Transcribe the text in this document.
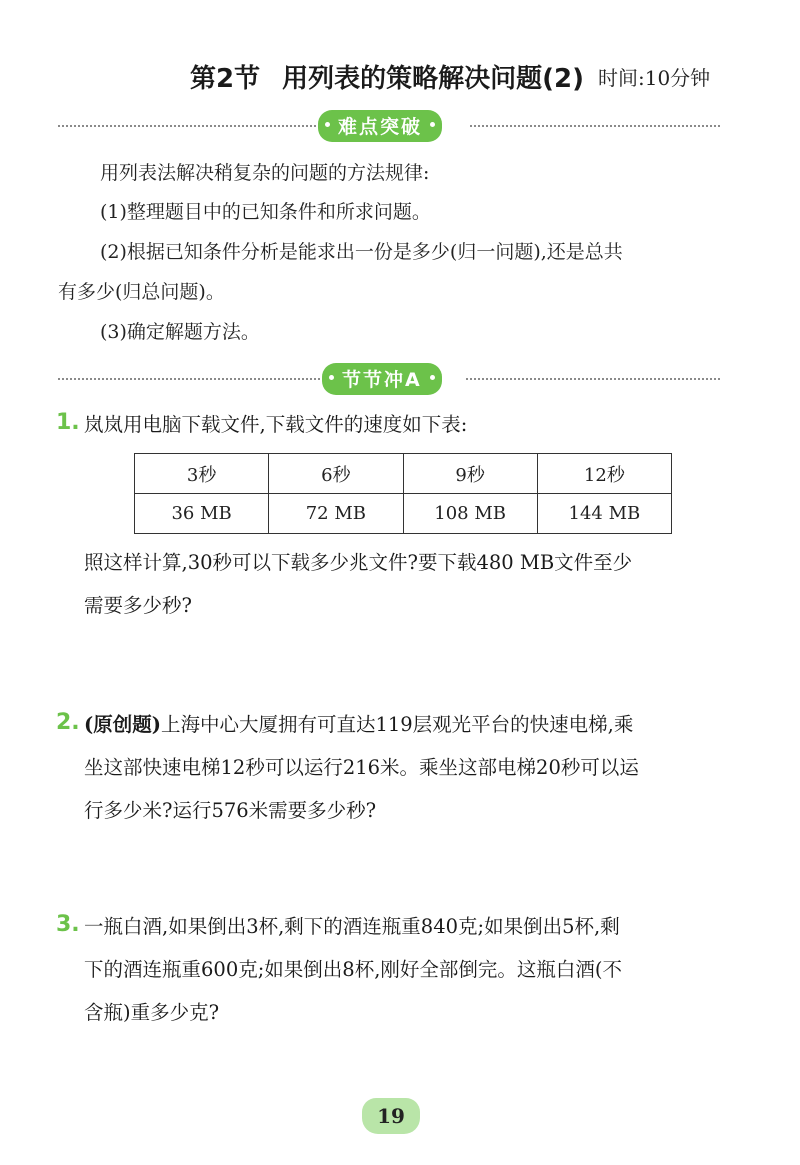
第2节 用列表的策略解决问题(2) 时间:10分钟
难点突破
用列表法解决稍复杂的问题的方法规律:
(1)整理题目中的已知条件和所求问题。
(2)根据已知条件分析是能求出一份是多少(归一问题),还是总共
有多少(归总问题)。
(3)确定解题方法。
节节冲A
1. 岚岚用电脑下载文件,下载文件的速度如下表:
3秒	6秒	9秒	12秒
36 MB	72 MB	108 MB	144 MB
照这样计算,30秒可以下载多少兆文件?要下载480 MB文件至少
需要多少秒?
2. (原创题)上海中心大厦拥有可直达119层观光平台的快速电梯,乘
坐这部快速电梯12秒可以运行216米。乘坐这部电梯20秒可以运
行多少米?运行576米需要多少秒?
3. 一瓶白酒,如果倒出3杯,剩下的酒连瓶重840克;如果倒出5杯,剩
下的酒连瓶重600克;如果倒出8杯,刚好全部倒完。这瓶白酒(不
含瓶)重多少克?
19
